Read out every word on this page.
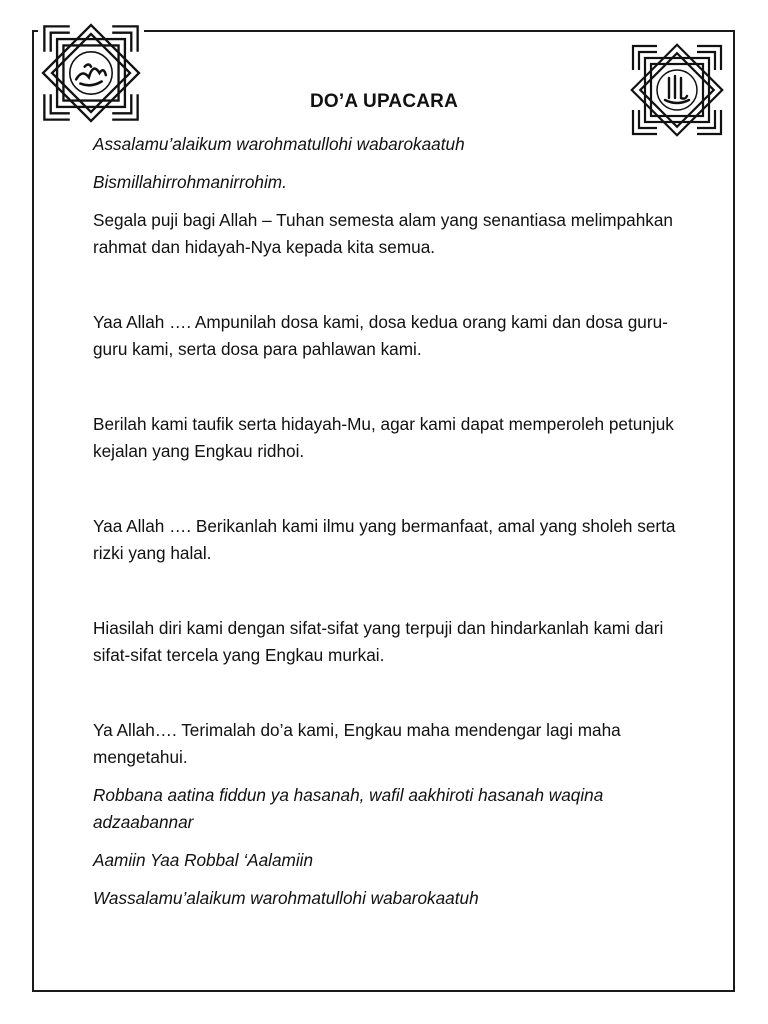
DO’A UPACARA

Assalamu’alaikum warohmatullohi wabarokaatuh

Bismillahirrohmanirrohim.

Segala puji bagi Allah – Tuhan semesta alam yang senantiasa melimpahkan rahmat dan hidayah-Nya kepada kita semua.

Yaa Allah …. Ampunilah dosa kami, dosa kedua orang kami dan dosa guru-guru kami, serta dosa para pahlawan kami.

Berilah kami taufik serta hidayah-Mu, agar kami dapat memperoleh petunjuk kejalan yang Engkau ridhoi.

Yaa Allah …. Berikanlah kami ilmu yang bermanfaat, amal yang sholeh serta rizki yang halal.

Hiasilah diri kami dengan sifat-sifat yang terpuji dan hindarkanlah kami dari sifat-sifat tercela yang Engkau murkai.

Ya Allah…. Terimalah do’a kami, Engkau maha mendengar lagi maha mengetahui.

Robbana aatina fiddun ya hasanah, wafil aakhiroti hasanah waqina adzaabannar

Aamiin Yaa Robbal ‘Aalamiin

Wassalamu’alaikum warohmatullohi wabarokaatuh
